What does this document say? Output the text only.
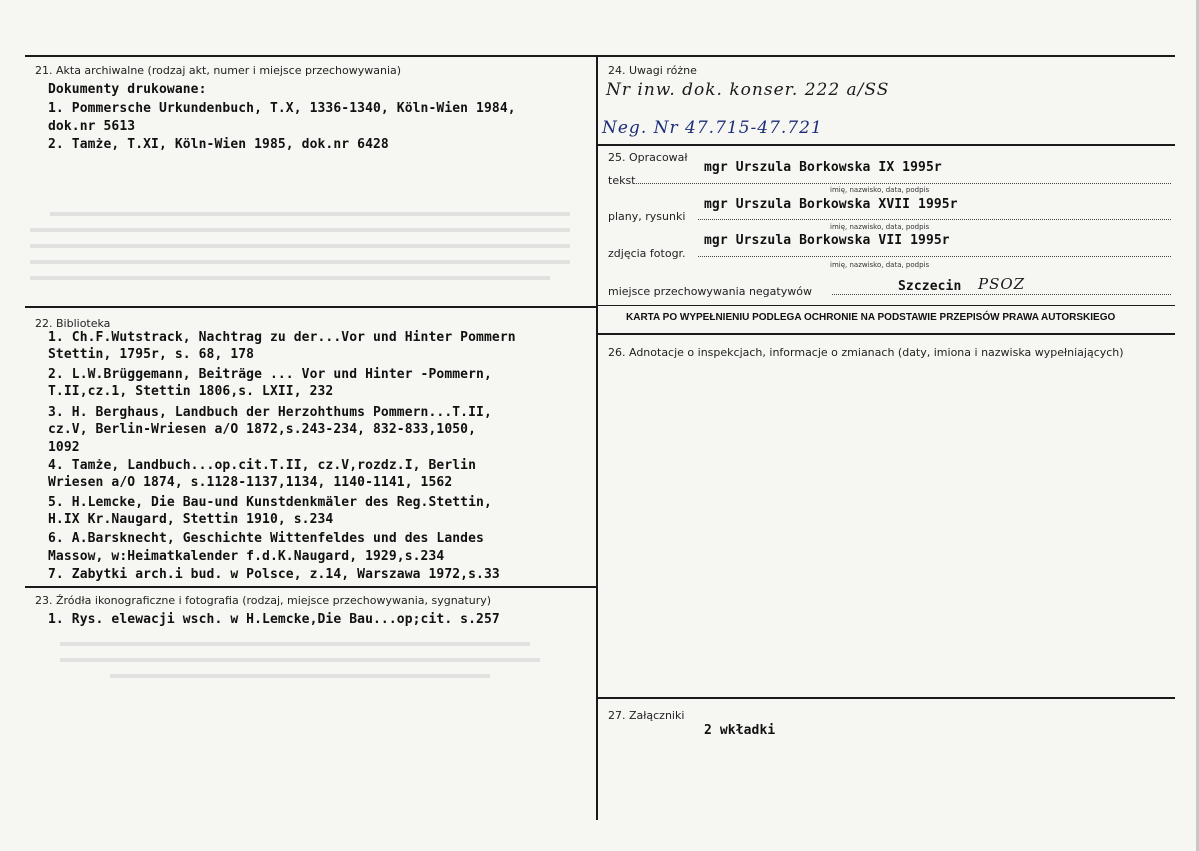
21. Akta archiwalne (rodzaj akt, numer i miejsce przechowywania)
Dokumenty drukowane:
1. Pommersche Urkundenbuch, T.X, 1336-1340, Köln-Wien 1984,
dok.nr 5613
2. Tamże, T.XI, Köln-Wien 1985, dok.nr 6428
22. Biblioteka
1. Ch.F.Wutstrack, Nachtrag zu der...Vor und Hinter Pommern
Stettin, 1795r, s. 68, 178
2. L.W.Brüggemann, Beiträge ... Vor und Hinter -Pommern,
T.II,cz.1, Stettin 1806,s. LXII, 232
3. H. Berghaus, Landbuch der Herzohthums Pommern...T.II,
cz.V, Berlin-Wriesen a/O 1872,s.243-234, 832-833,1050,
1092
4. Tamże, Landbuch...op.cit.T.II, cz.V,rozdz.I, Berlin
Wriesen a/O 1874, s.1128-1137,1134, 1140-1141, 1562
5. H.Lemcke, Die Bau-und Kunstdenkmäler des Reg.Stettin,
H.IX Kr.Naugard, Stettin 1910, s.234
6. A.Barsknecht, Geschichte Wittenfeldes und des Landes
Massow, w:Heimatkalender f.d.K.Naugard, 1929,s.234
7. Zabytki arch.i bud. w Polsce, z.14, Warszawa 1972,s.33
23. Źródła ikonograficzne i fotografia (rodzaj, miejsce przechowywania, sygnatury)
1. Rys. elewacji wsch. w H.Lemcke,Die Bau...op;cit. s.257
24. Uwagi różne
Nr inw. dok. konser. 222 a/SS
Neg. Nr 47.715-47.721
25. Opracował
tekst
mgr Urszula Borkowska IX 1995r
imię, nazwisko, data, podpis
plany, rysunki
mgr Urszula Borkowska XVII 1995r
imię, nazwisko, data, podpis
zdjęcia fotogr.
mgr Urszula Borkowska VII 1995r
imię, nazwisko, data, podpis
miejsce przechowywania negatywów	Szczecin PSOZ
KARTA PO WYPEŁNIENIU PODLEGA OCHRONIE NA PODSTAWIE PRZEPISÓW PRAWA AUTORSKIEGO
26. Adnotacje o inspekcjach, informacje o zmianach (daty, imiona i nazwiska wypełniających)
27. Załączniki
2 wkładki
